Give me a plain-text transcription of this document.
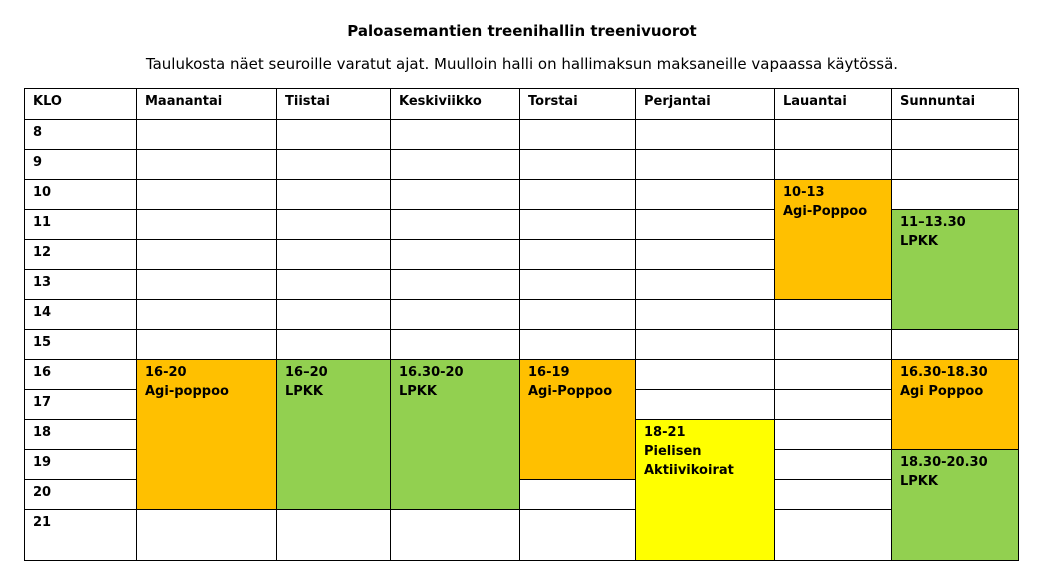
Paloasemantien treenihallin treenivuorot
Taulukosta näet seuroille varatut ajat. Muulloin halli on hallimaksun maksaneille vapaassa käytössä.
KLO	Maanantai	Tiistai	Keskiviikko	Torstai	Perjantai	Lauantai	Sunnuntai
8							
9							
10						10-13
Agi-Poppoo	

11							11–13.30
LPKK

12							
13							
14							
15							
16	16-20
Agi-poppoo	16–20
LPKK	16.30-20
LPKK	16-19
Agi-Poppoo			16.30-18.30
Agi Poppoo

17							
18					18-21
Pielisen
Aktiivikoirat		

19							18.30-20.30
LPKK

20							
21							
